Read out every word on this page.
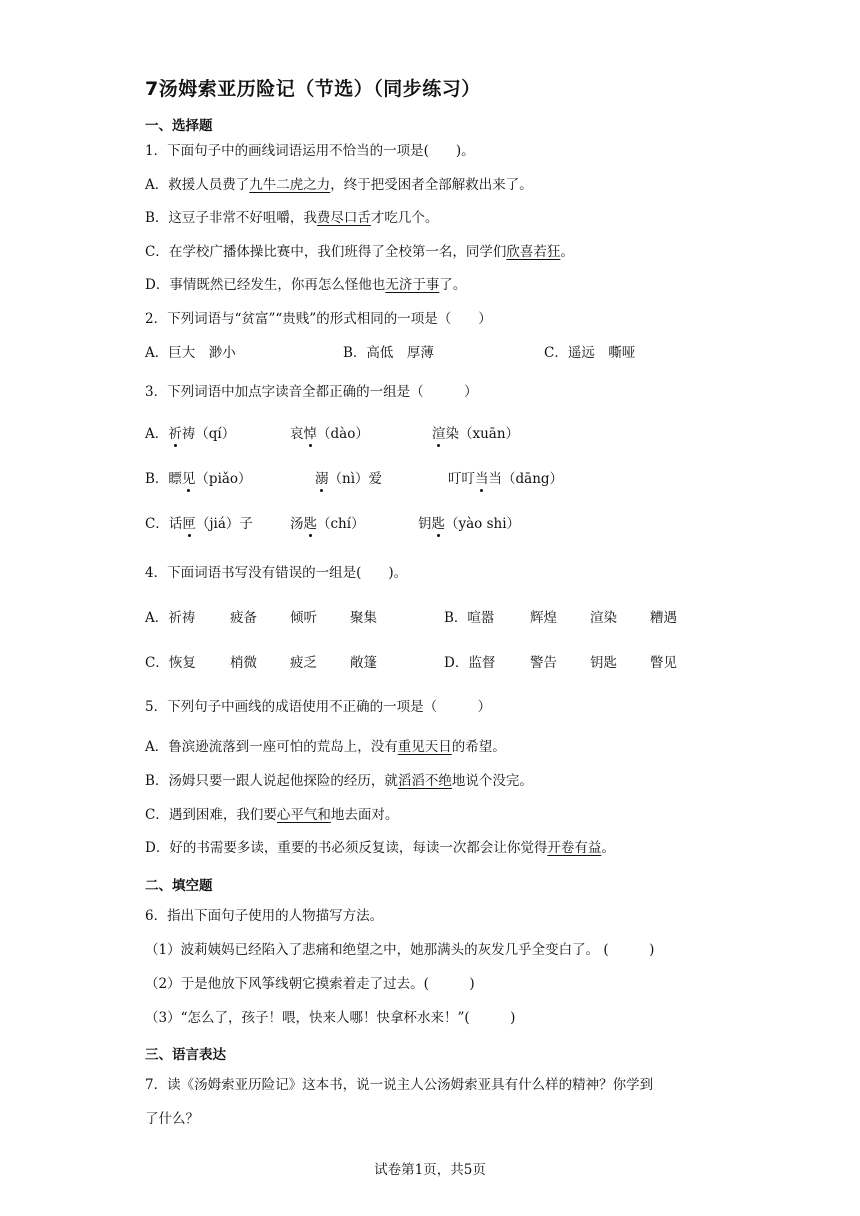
7汤姆索亚历险记（节选）（同步练习）
一、选择题
1．下面句子中的画线词语运用不恰当的一项是(　　)。
A．救援人员费了九牛二虎之力，终于把受困者全部解救出来了。
B．这豆子非常不好咀嚼，我费尽口舌才吃几个。
C．在学校广播体操比赛中，我们班得了全校第一名，同学们欣喜若狂。
D．事情既然已经发生，你再怎么怪他也无济于事了。
2．下列词语与“贫富”“贵贱”的形式相同的一项是（　　）
A．巨大　渺小	B．高低　厚薄	C．遥远　嘶哑
3．下列词语中加点字读音全都正确的一组是（　　　）
A．祈祷（qí）	哀悼（dào）	渲染（xuān）
B．瞟见（piǎo）	溺（nì）爱	叮叮当当（dāng）
C．话匣（jiá）子	汤匙（chí）	钥匙（yào shi）
4．下面词语书写没有错误的一组是(　　)。
A．祈祷	疲备 倾听 聚集	B．喧嚣	辉煌 渲染 糟遇
C．恢复	梢微 疲乏 敞篷	D．监督	警告 钥匙 瞥见
5．下列句子中画线的成语使用不正确的一项是（　　　）
A．鲁滨逊流落到一座可怕的荒岛上，没有重见天日的希望。
B．汤姆只要一跟人说起他探险的经历，就滔滔不绝地说个没完。
C．遇到困难，我们要心平气和地去面对。
D．好的书需要多读，重要的书必须反复读，每读一次都会让你觉得开卷有益。
二、填空题
6．指出下面句子使用的人物描写方法。
（1）波莉姨妈已经陷入了悲痛和绝望之中，她那满头的灰发几乎全变白了。 (　　　)
（2）于是他放下风筝线朝它摸索着走了过去。(　　　)
（3）“怎么了，孩子！喂，快来人哪！快拿杯水来！”(　　　)
三、语言表达
7．读《汤姆索亚历险记》这本书，说一说主人公汤姆索亚具有什么样的精神？你学到
了什么？
试卷第1页，共5页
